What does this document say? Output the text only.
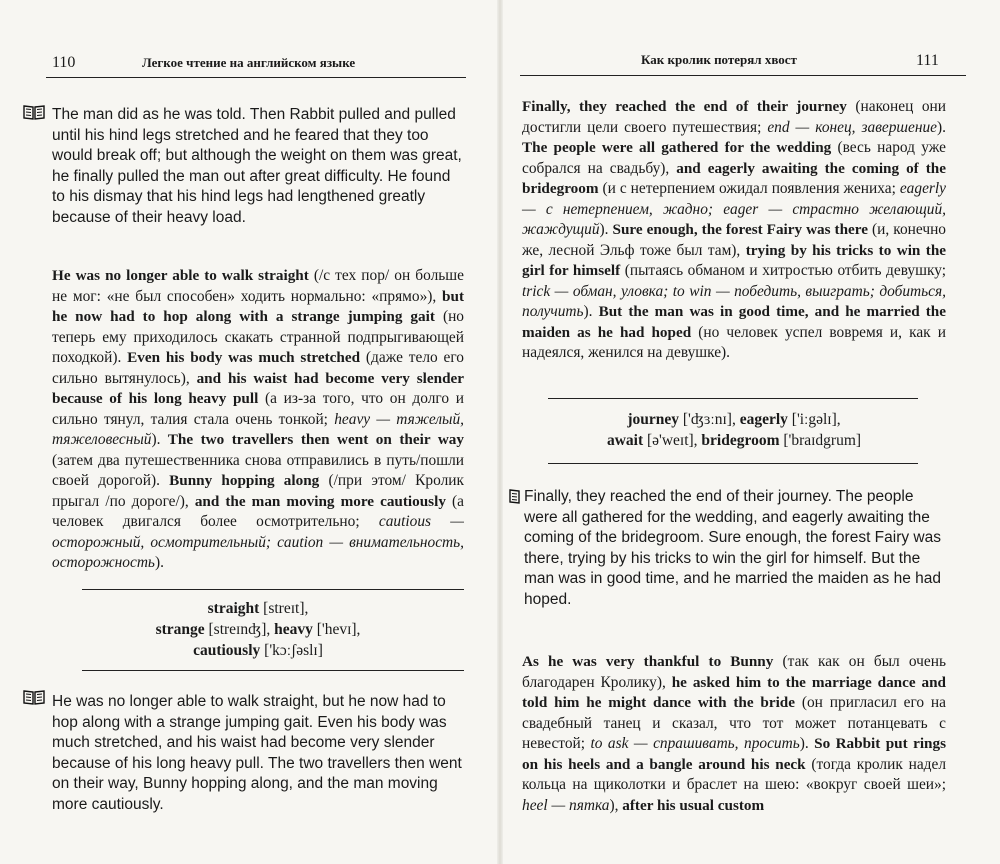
110	Легкое чтение на английском языке

The man did as he was told. Then Rabbit pulled and pulled until his hind legs stretched and he feared that they too would break off; but although the weight on them was great, he finally pulled the man out after great difficulty. He found to his dismay that his hind legs had lengthened greatly because of their heavy load.

He was no longer able to walk straight (/с тех пор/ он больше не мог: «не был способен» ходить нормально: «прямо»), but he now had to hop along with a strange jumping gait (но теперь ему приходилось скакать странной подпрыгивающей походкой). Even his body was much stretched (даже тело его сильно вытянулось), and his waist had become very slender because of his long heavy pull (а из-за того, что он долго и сильно тянул, талия стала очень тонкой; heavy — тяжелый, тяжеловесный). The two travellers then went on their way (затем два путешественника снова отправились в путь/пошли своей дорогой). Bunny hopping along (/при этом/ Кролик прыгал /по дороге/), and the man moving more cautiously (а человек двигался более осмотрительно; cautious — осторожный, осмотрительный; caution — внимательность, осторожность).

straight [streɪt],
strange [streɪnʤ], heavy ['hevɪ],
cautiously ['kɔːʃəslɪ]

He was no longer able to walk straight, but he now had to hop along with a strange jumping gait. Even his body was much stretched, and his waist had become very slender because of his long heavy pull. The two travellers then went on their way, Bunny hopping along, and the man moving more cautiously.

Как кролик потерял хвост	111

Finally, they reached the end of their journey (наконец они достигли цели своего путешествия; end — конец, завершение). The people were all gathered for the wedding (весь народ уже собрался на свадьбу), and eagerly awaiting the coming of the bridegroom (и с нетерпением ожидал появления жениха; eagerly — с нетерпением, жадно; eager — страстно желающий, жаждущий). Sure enough, the forest Fairy was there (и, конечно же, лесной Эльф тоже был там), trying by his tricks to win the girl for himself (пытаясь обманом и хитростью отбить девушку; trick — обман, уловка; to win — победить, выиграть; добиться, получить). But the man was in good time, and he married the maiden as he had hoped (но человек успел вовремя и, как и надеялся, женился на девушке).

journey ['ʤɜːnɪ], eagerly ['iːgəlɪ],
await [ə'weɪt], bridegroom ['braɪdgrum]

Finally, they reached the end of their journey. The people were all gathered for the wedding, and eagerly awaiting the coming of the bridegroom. Sure enough, the forest Fairy was there, trying by his tricks to win the girl for himself. But the man was in good time, and he married the maiden as he had hoped.

As he was very thankful to Bunny (так как он был очень благодарен Кролику), he asked him to the marriage dance and told him he might dance with the bride (он пригласил его на свадебный танец и сказал, что тот может потанцевать с невестой; to ask — спрашивать, просить). So Rabbit put rings on his heels and a bangle around his neck (тогда кролик надел кольца на щиколотки и браслет на шею: «вокруг своей шеи»; heel — пятка), after his usual custom
